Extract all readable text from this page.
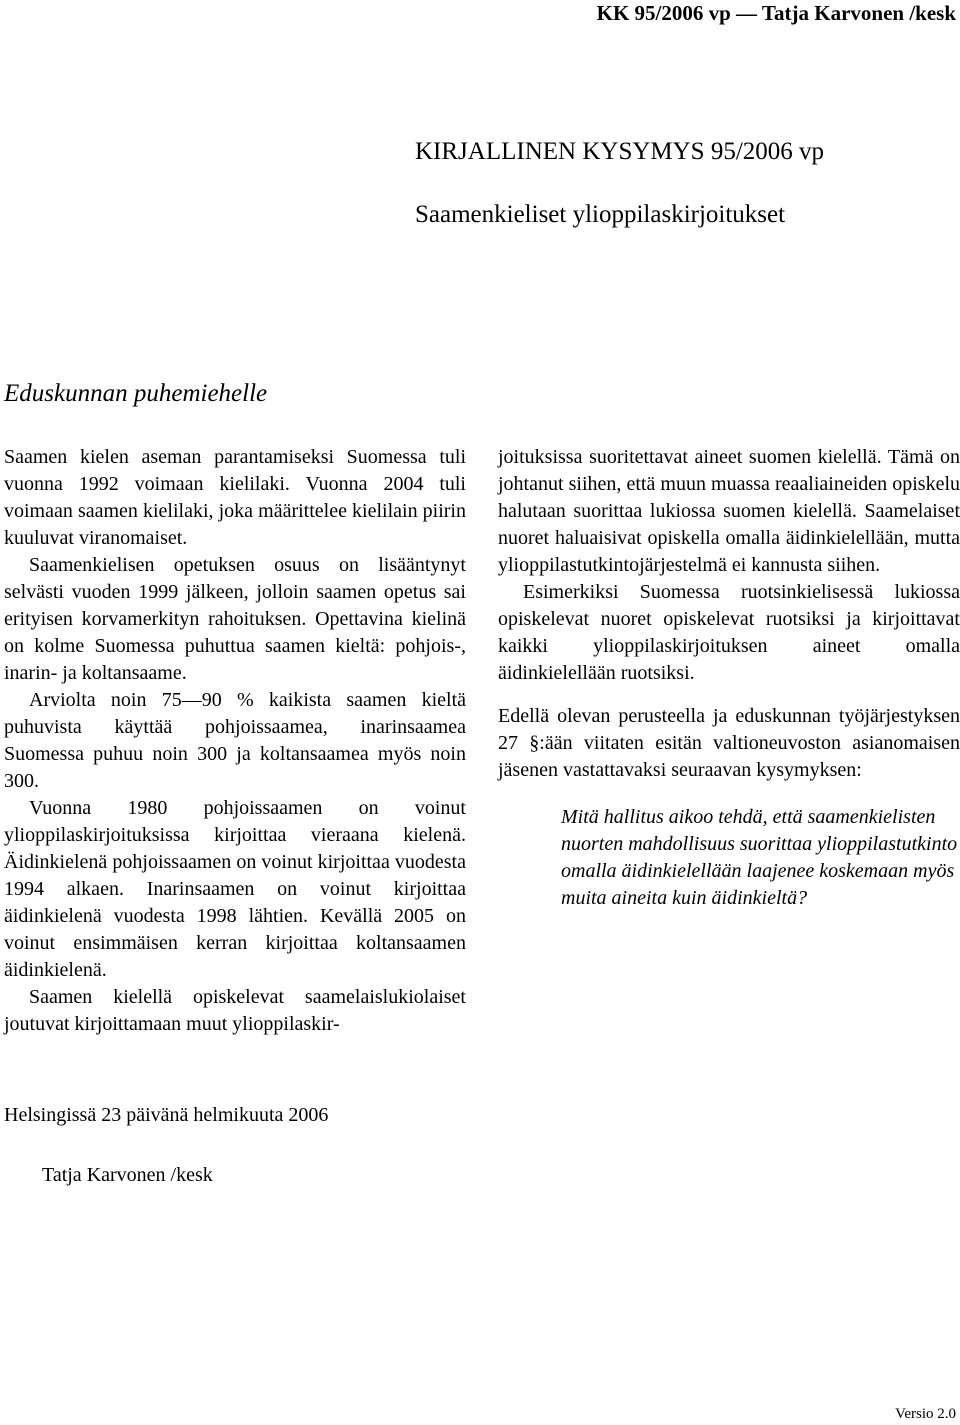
KK 95/2006 vp — Tatja Karvonen /kesk
KIRJALLINEN KYSYMYS 95/2006 vp
Saamenkieliset ylioppilaskirjoitukset
Eduskunnan puhemiehelle

Saamen kielen aseman parantamiseksi Suomessa tuli vuonna 1992 voimaan kielilaki. Vuonna 2004 tuli voimaan saamen kielilaki, joka määrittelee kielilain piirin kuuluvat viranomaiset.

Saamenkielisen opetuksen osuus on lisääntynyt selvästi vuoden 1999 jälkeen, jolloin saamen opetus sai erityisen korvamerkityn rahoituksen. Opettavina kielinä on kolme Suomessa puhuttua saamen kieltä: pohjois-, inarin- ja koltansaame.

Arviolta noin 75—90 % kaikista saamen kieltä puhuvista käyttää pohjoissaamea, inarinsaamea Suomessa puhuu noin 300 ja koltansaamea myös noin 300.

Vuonna 1980 pohjoissaamen on voinut ylioppilaskirjoituksissa kirjoittaa vieraana kielenä. Äidinkielenä pohjoissaamen on voinut kirjoittaa vuodesta 1994 alkaen. Inarinsaamen on voinut kirjoittaa äidinkielenä vuodesta 1998 lähtien. Kevällä 2005 on voinut ensimmäisen kerran kirjoittaa koltansaamen äidinkielenä.

Saamen kielellä opiskelevat saamelaislukiolaiset joutuvat kirjoittamaan muut ylioppilaskir-

joituksissa suoritettavat aineet suomen kielellä. Tämä on johtanut siihen, että muun muassa reaaliaineiden opiskelu halutaan suorittaa lukiossa suomen kielellä. Saamelaiset nuoret haluaisivat opiskella omalla äidinkielellään, mutta ylioppilastutkintojärjestelmä ei kannusta siihen.

Esimerkiksi Suomessa ruotsinkielisessä lukiossa opiskelevat nuoret opiskelevat ruotsiksi ja kirjoittavat kaikki ylioppilaskirjoituksen aineet omalla äidinkielellään ruotsiksi.

Edellä olevan perusteella ja eduskunnan työjärjestyksen 27 §:ään viitaten esitän valtioneuvoston asianomaisen jäsenen vastattavaksi seuraavan kysymyksen:

Mitä hallitus aikoo tehdä, että saamenkielisten nuorten mahdollisuus suorittaa ylioppilastutkinto omalla äidinkielellään laajenee koskemaan myös muita aineita kuin äidinkieltä?

Helsingissä 23 päivänä helmikuuta 2006
Tatja Karvonen /kesk
Versio 2.0
